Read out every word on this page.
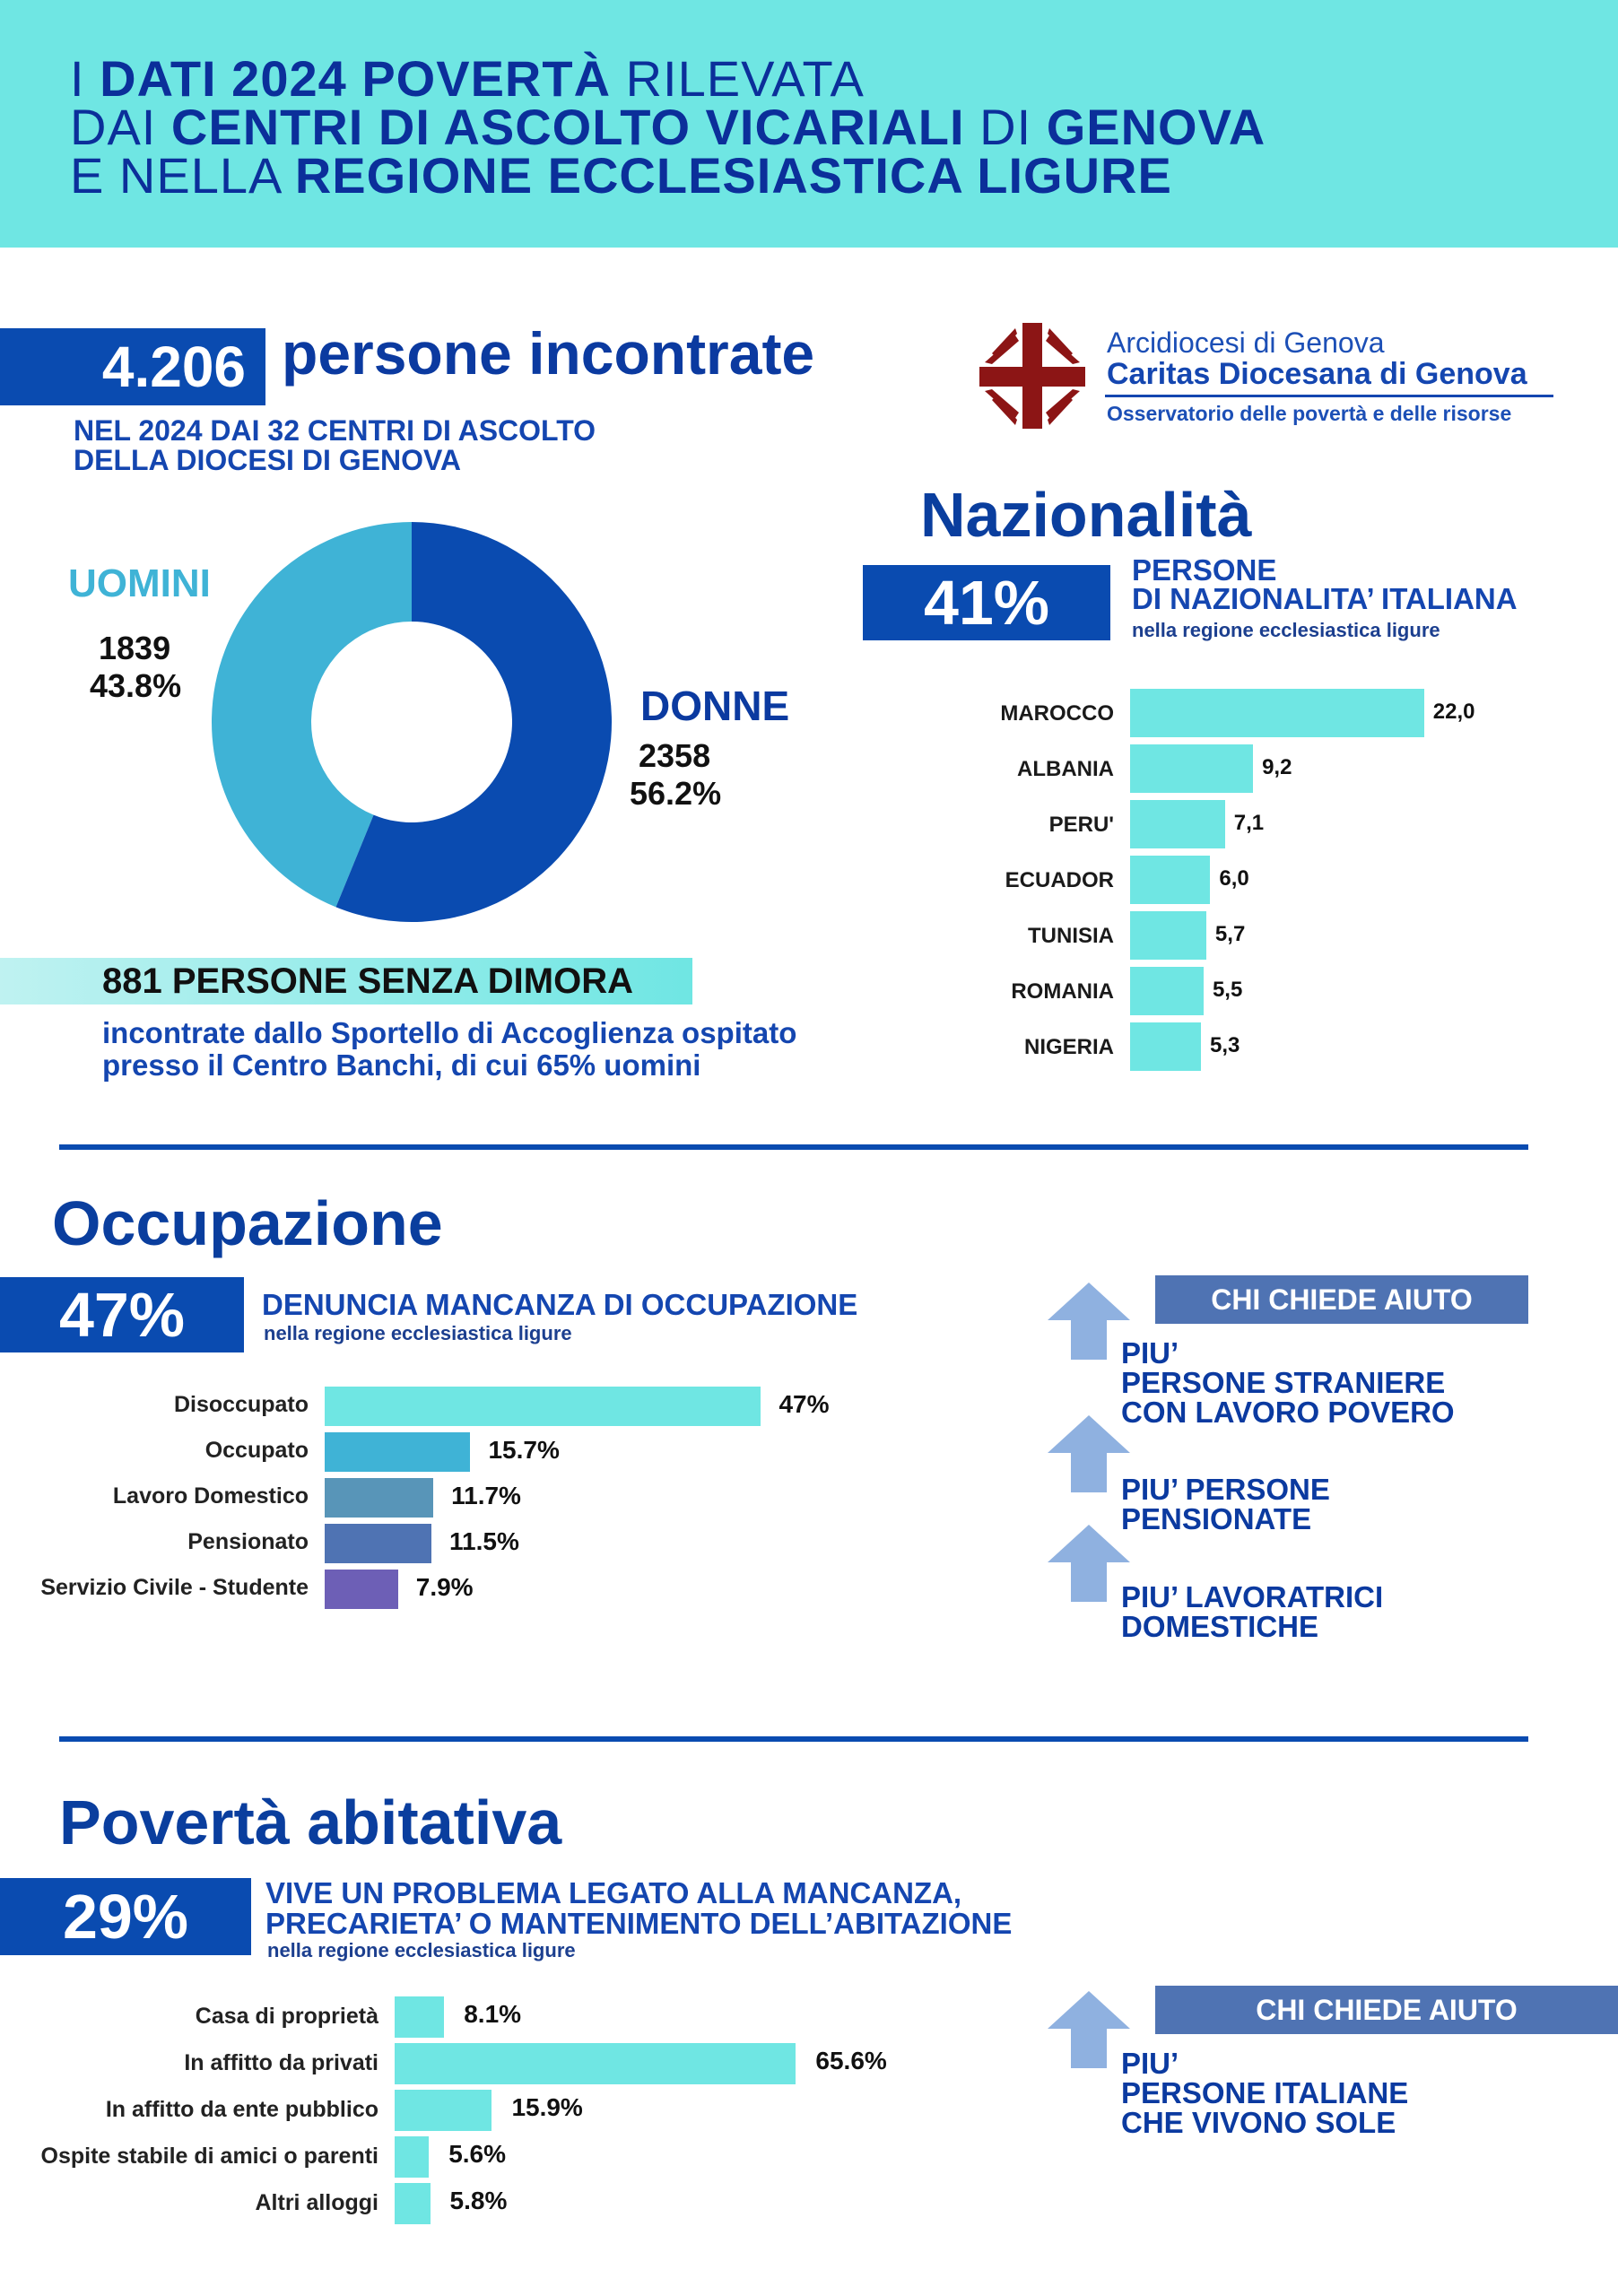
I DATI 2024 POVERTÀ RILEVATA
DAI CENTRI DI ASCOLTO VICARIALI DI GENOVA
E NELLA REGIONE ECCLESIASTICA LIGURE
4.206 persone incontrate
NEL 2024 DAI 32 CENTRI DI ASCOLTO
DELLA DIOCESI DI GENOVA
Arcidiocesi di Genova
Caritas Diocesana di Genova
Osservatorio delle povertà e delle risorse
UOMINI
1839
43.8%	DONNE
2358
56.2%
881 PERSONE SENZA DIMORA
incontrate dallo Sportello di Accoglienza ospitato
presso il Centro Banchi, di cui 65% uomini
Nazionalità
41%	PERSONE
DI NAZIONALITA’ ITALIANA
nella regione ecclesiastica ligure
MAROCCO	22,0
ALBANIA	9,2
PERU'	7,1
ECUADOR	6,0
TUNISIA	5,7
ROMANIA	5,5
NIGERIA	5,3
Occupazione
47%	DENUNCIA MANCANZA DI OCCUPAZIONE
nella regione ecclesiastica ligure
Disoccupato	47%
Occupato	15.7%
Lavoro Domestico	11.7%
Pensionato	11.5%
Servizio Civile - Studente	7.9%
CHI CHIEDE AIUTO
PIU’
PERSONE STRANIERE
CON LAVORO POVERO
PIU’ PERSONE
PENSIONATE
PIU’ LAVORATRICI
DOMESTICHE
Povertà abitativa
29%	VIVE UN PROBLEMA LEGATO ALLA MANCANZA,
PRECARIETA’ O MANTENIMENTO DELL’ABITAZIONE
nella regione ecclesiastica ligure
Casa di proprietà	8.1%
In affitto da privati	65.6%
In affitto da ente pubblico	15.9%
Ospite stabile di amici o parenti	5.6%
Altri alloggi	5.8%
CHI CHIEDE AIUTO
PIU’
PERSONE ITALIANE
CHE VIVONO SOLE
